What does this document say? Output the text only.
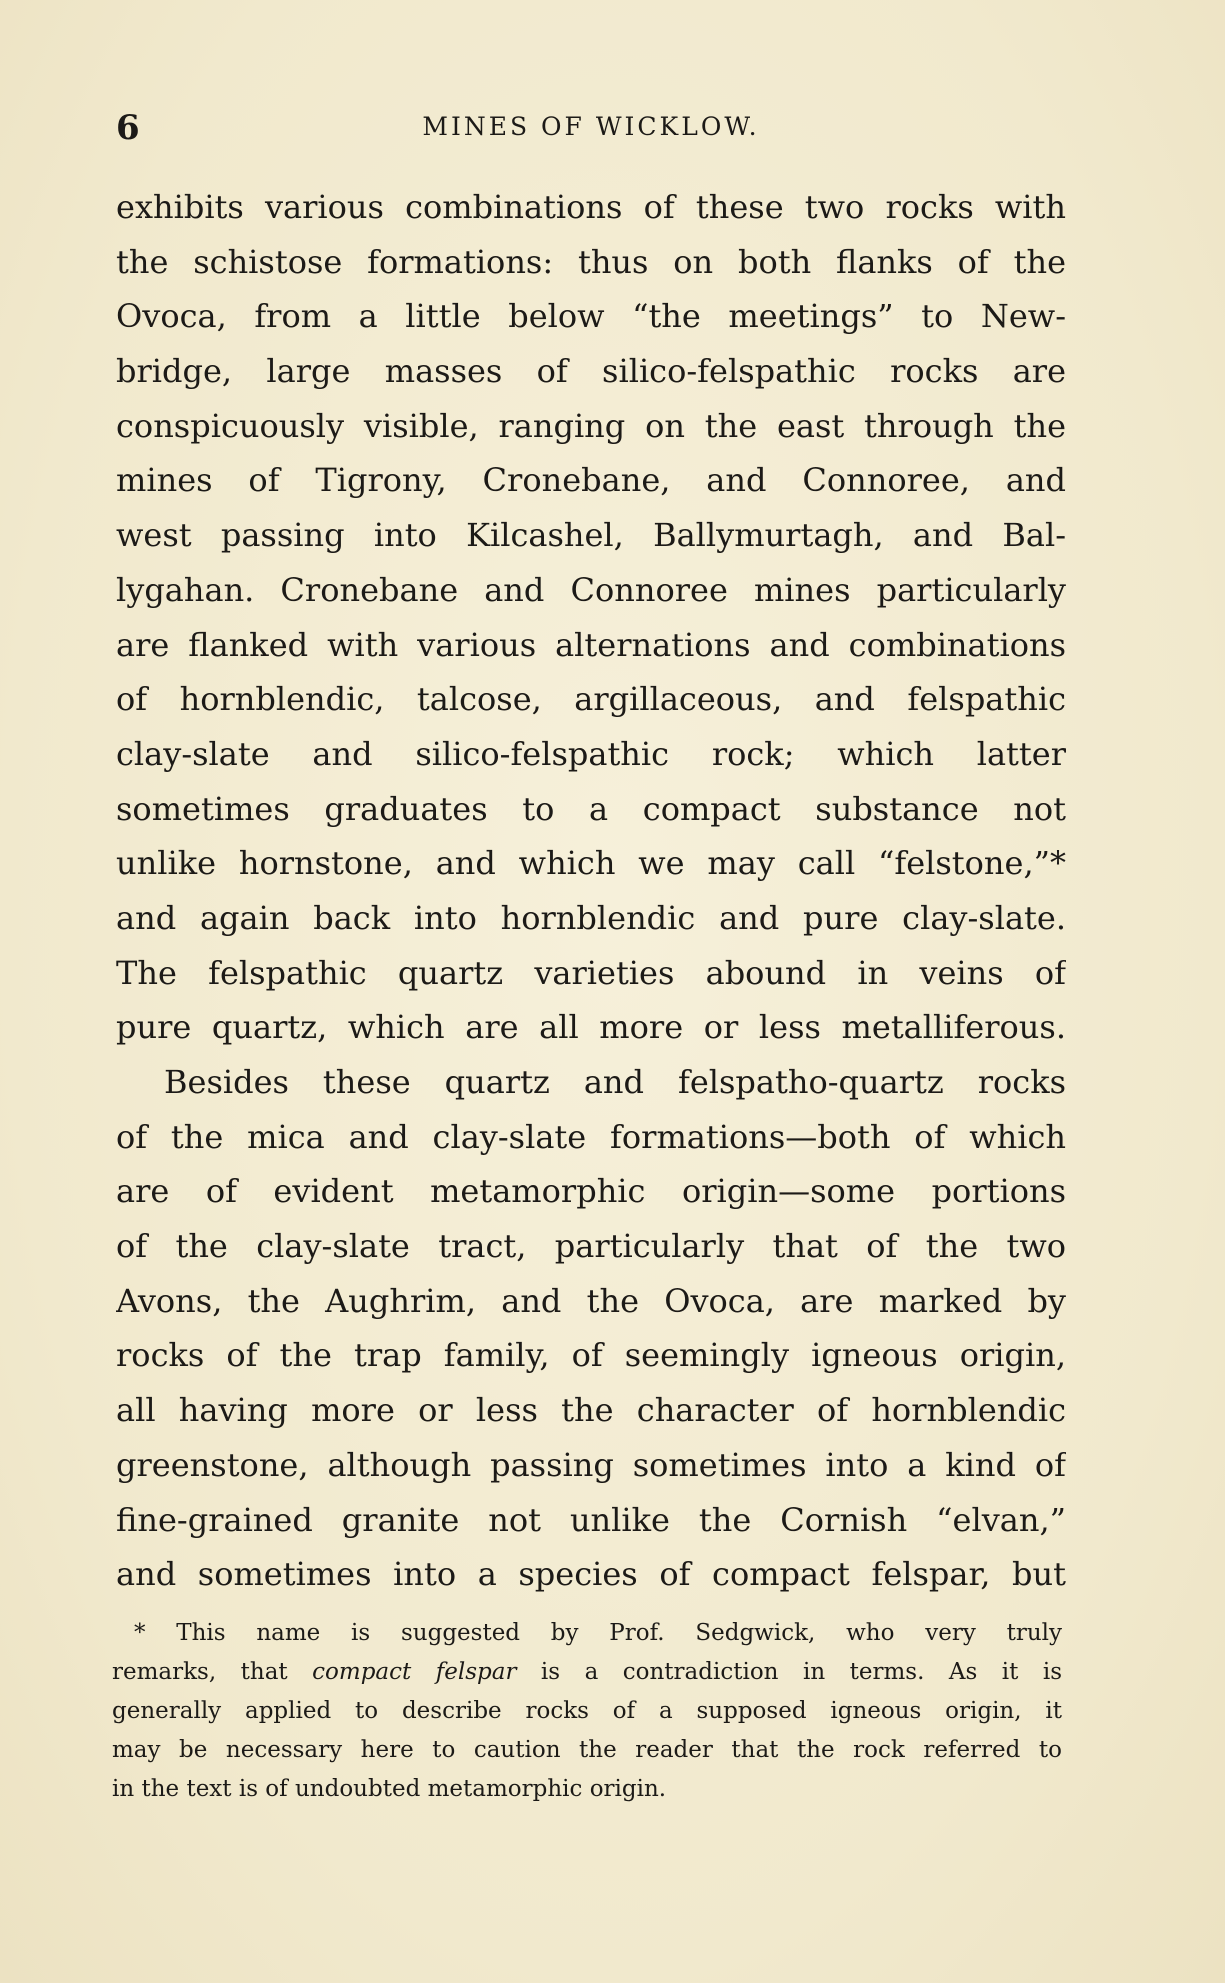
6	MINES OF WICKLOW.
exhibits various combinations of these two rocks with
the schistose formations: thus on both flanks of the
Ovoca, from a little below “the meetings” to New-
bridge, large masses of silico-felspathic rocks are
conspicuously visible, ranging on the east through the
mines of Tigrony, Cronebane, and Connoree, and
west passing into Kilcashel, Ballymurtagh, and Bal-
lygahan. Cronebane and Connoree mines particularly
are flanked with various alternations and combinations
of hornblendic, talcose, argillaceous, and felspathic
clay-slate and silico-felspathic rock; which latter
sometimes graduates to a compact substance not
unlike hornstone, and which we may call “felstone,”*
and again back into hornblendic and pure clay-slate.
The felspathic quartz varieties abound in veins of
pure quartz, which are all more or less metalliferous.
Besides these quartz and felspatho-quartz rocks
of the mica and clay-slate formations—both of which
are of evident metamorphic origin—some portions
of the clay-slate tract, particularly that of the two
Avons, the Aughrim, and the Ovoca, are marked by
rocks of the trap family, of seemingly igneous origin,
all having more or less the character of hornblendic
greenstone, although passing sometimes into a kind of
fine-grained granite not unlike the Cornish “elvan,”
and sometimes into a species of compact felspar, but
* This name is suggested by Prof. Sedgwick, who very truly
remarks, that compact felspar is a contradiction in terms. As it is
generally applied to describe rocks of a supposed igneous origin, it
may be necessary here to caution the reader that the rock referred to
in the text is of undoubted metamorphic origin.
